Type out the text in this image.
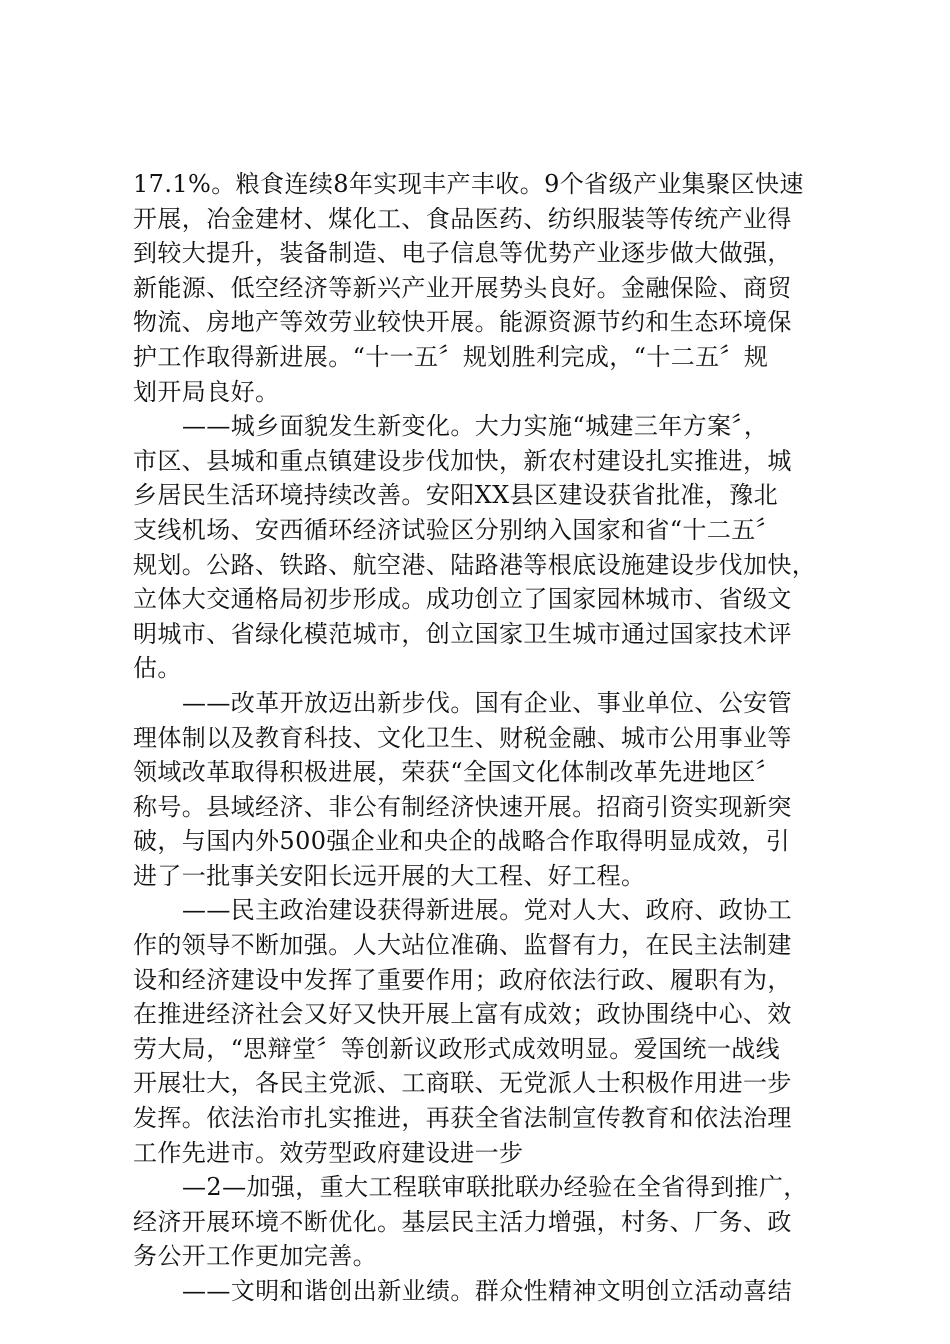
17.1%。粮食连续8年实现丰产丰收。9个省级产业集聚区快速
开展，冶金建材、煤化工、食品医药、纺织服装等传统产业得
到较大提升，装备制造、电子信息等优势产业逐步做大做强，
新能源、低空经济等新兴产业开展势头良好。金融保险、商贸
物流、房地产等效劳业较快开展。能源资源节约和生态环境保
护工作取得新进展。“十一五〞规划胜利完成，“十二五〞规
划开局良好。
——城乡面貌发生新变化。大力实施“城建三年方案〞，
市区、县城和重点镇建设步伐加快，新农村建设扎实推进，城
乡居民生活环境持续改善。安阳XX县区建设获省批准，豫北
支线机场、安西循环经济试验区分别纳入国家和省“十二五〞
规划。公路、铁路、航空港、陆路港等根底设施建设步伐加快，
立体大交通格局初步形成。成功创立了国家园林城市、省级文
明城市、省绿化模范城市，创立国家卫生城市通过国家技术评
估。
——改革开放迈出新步伐。国有企业、事业单位、公安管
理体制以及教育科技、文化卫生、财税金融、城市公用事业等
领域改革取得积极进展，荣获“全国文化体制改革先进地区〞
称号。县域经济、非公有制经济快速开展。招商引资实现新突
破，与国内外500强企业和央企的战略合作取得明显成效，引
进了一批事关安阳长远开展的大工程、好工程。
——民主政治建设获得新进展。党对人大、政府、政协工
作的领导不断加强。人大站位准确、监督有力，在民主法制建
设和经济建设中发挥了重要作用；政府依法行政、履职有为，
在推进经济社会又好又快开展上富有成效；政协围绕中心、效
劳大局，“思辩堂〞等创新议政形式成效明显。爱国统一战线
开展壮大，各民主党派、工商联、无党派人士积极作用进一步
发挥。依法治市扎实推进，再获全省法制宣传教育和依法治理
工作先进市。效劳型政府建设进一步
—2—加强，重大工程联审联批联办经验在全省得到推广，
经济开展环境不断优化。基层民主活力增强，村务、厂务、政
务公开工作更加完善。
——文明和谐创出新业绩。群众性精神文明创立活动喜结
